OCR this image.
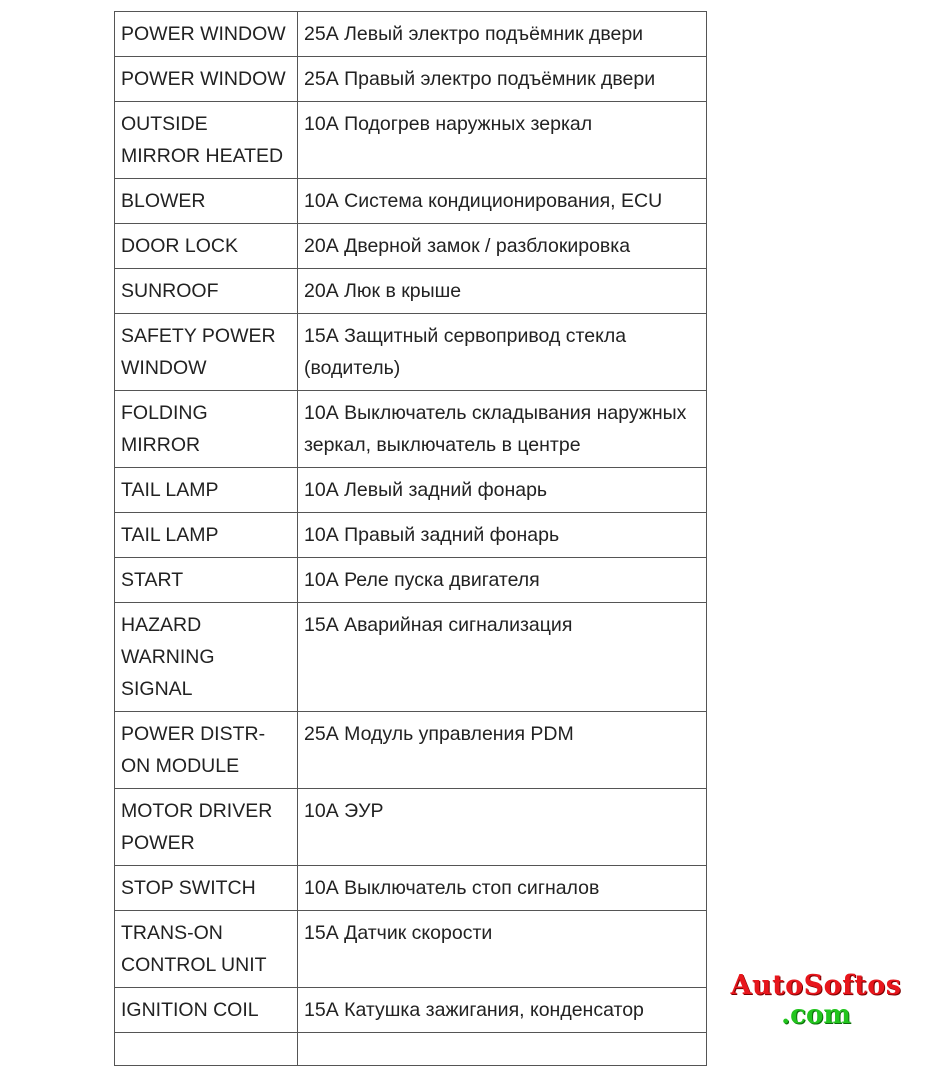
POWER WINDOW	25А Левый электро подъёмник двери
POWER WINDOW	25А Правый электро подъёмник двери
OUTSIDE MIRROR HEATED	10А Подогрев наружных зеркал
BLOWER	10А Система кондиционирования, ECU
DOOR LOCK	20А Дверной замок / разблокировка
SUNROOF	20А Люк в крыше
SAFETY POWER WINDOW	15А Защитный сервопривод стекла (водитель)
FOLDING MIRROR	10А Выключатель складывания наружных зеркал, выключатель в центре
TAIL LAMP	10А Левый задний фонарь
TAIL LAMP	10А Правый задний фонарь
START	10А Реле пуска двигателя
HAZARD WARNING SIGNAL	15А Аварийная сигнализация
POWER DISTR-ON MODULE	25А Модуль управления PDM
MOTOR DRIVER POWER	10А ЭУР
STOP SWITCH	10А Выключатель стоп сигналов
TRANS-ON CONTROL UNIT	15А Датчик скорости
IGNITION COIL	15А Катушка зажигания, конденсатор

AutoSoftos
.com
